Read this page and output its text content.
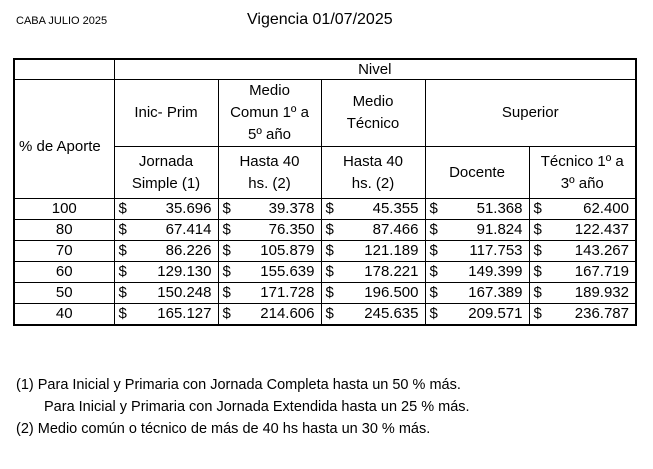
CABA JULIO 2025	Vigencia 01/07/2025
	Nivel				
% de Aporte	Inic- Prim	Medio Comun 1º a 5º año	Medio Técnico	Superior	
	Jornada Simple (1)	Hasta 40 hs. (2)	Hasta 40 hs. (2)	Docente	Técnico 1º a 3º año
100	$ 35.696	$ 39.378	$ 45.355	$ 51.368	$ 62.400

80	$ 67.414	$ 76.350	$ 87.466	$ 91.824	$ 122.437

70	$ 86.226	$ 105.879	$ 121.189	$ 117.753	$ 143.267

60	$ 129.130	$ 155.639	$ 178.221	$ 149.399	$ 167.719

50	$ 150.248	$ 171.728	$ 196.500	$ 167.389	$ 189.932

40	$ 165.127	$ 214.606	$ 245.635	$ 209.571	$ 236.787
(1) Para Inicial y Primaria con Jornada Completa hasta un 50 % más.
Para Inicial y Primaria con Jornada Extendida hasta un 25 % más.
(2) Medio común o técnico de más de 40 hs hasta un 30 % más.
